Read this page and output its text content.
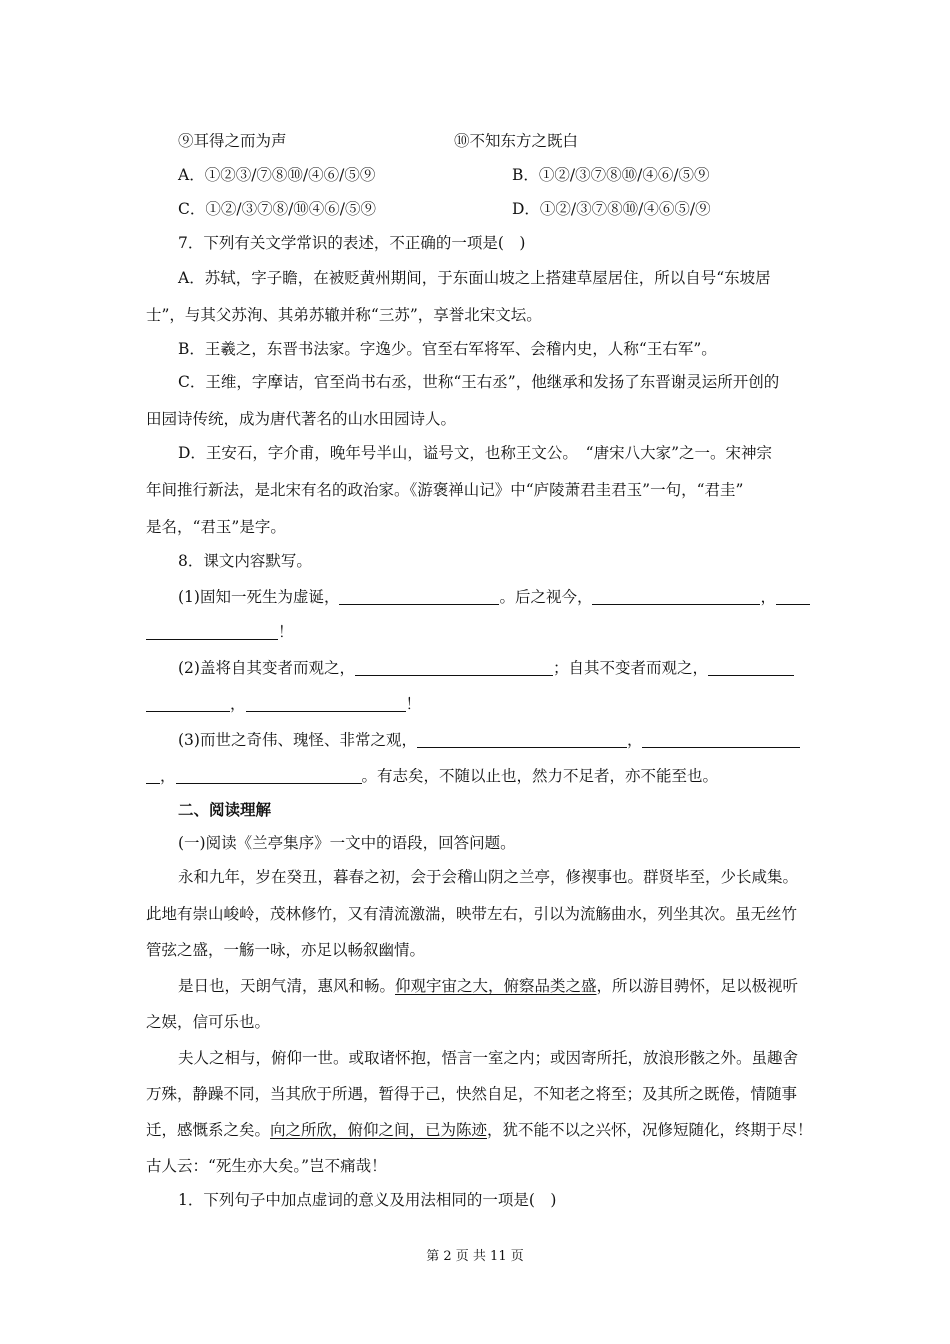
⑨耳得之而为声	⑩不知东方之既白
A．①②③/⑦⑧⑩/④⑥/⑤⑨	B．①②/③⑦⑧⑩/④⑥/⑤⑨
C．①②/③⑦⑧/⑩④⑥/⑤⑨	D．①②/③⑦⑧⑩/④⑥⑤/⑨
7．下列有关文学常识的表述，不正确的一项是(　)
A．苏轼，字子瞻，在被贬黄州期间，于东面山坡之上搭建草屋居住，所以自号“东坡居
士”，与其父苏洵、其弟苏辙并称“三苏”，享誉北宋文坛。
B．王羲之，东晋书法家。字逸少。官至右军将军、会稽内史，人称“王右军”。
C．王维，字摩诘，官至尚书右丞，世称“王右丞”，他继承和发扬了东晋谢灵运所开创的
田园诗传统，成为唐代著名的山水田园诗人。
D．王安石，字介甫，晚年号半山，谥号文，也称王文公。　“唐宋八大家”之一。宋神宗
年间推行新法，是北宋有名的政治家。《游褒禅山记》中“庐陵萧君圭君玉”一句，“君圭”
是名，“君玉”是字。
8．课文内容默写。
(1)固知一死生为虚诞，	。后之视今，	，
！
(2)盖将自其变者而观之，	；自其不变者而观之，
，	！
(3)而世之奇伟、瑰怪、非常之观，	，
，	。有志矣，不随以止也，然力不足者，亦不能至也。
二、阅读理解
(一)阅读《兰亭集序》一文中的语段，回答问题。
永和九年，岁在癸丑，暮春之初，会于会稽山阴之兰亭，修禊事也。群贤毕至，少长咸集。
此地有崇山峻岭，茂林修竹，又有清流激湍，映带左右，引以为流觞曲水，列坐其次。虽无丝竹
管弦之盛，一觞一咏，亦足以畅叙幽情。
是日也，天朗气清，惠风和畅。仰观宇宙之大，俯察品类之盛，所以游目骋怀，足以极视听
之娱，信可乐也。
夫人之相与，俯仰一世。或取诸怀抱，悟言一室之内；或因寄所托，放浪形骸之外。虽趣舍
万殊，静躁不同，当其欣于所遇，暂得于己，快然自足，不知老之将至；及其所之既倦，情随事
迁，感慨系之矣。向之所欣，俯仰之间，已为陈迹，犹不能不以之兴怀，况修短随化，终期于尽！
古人云：“死生亦大矣。”岂不痛哉！
1．下列句子中加点虚词的意义及用法相同的一项是(　)
第 2 页 共 11 页
